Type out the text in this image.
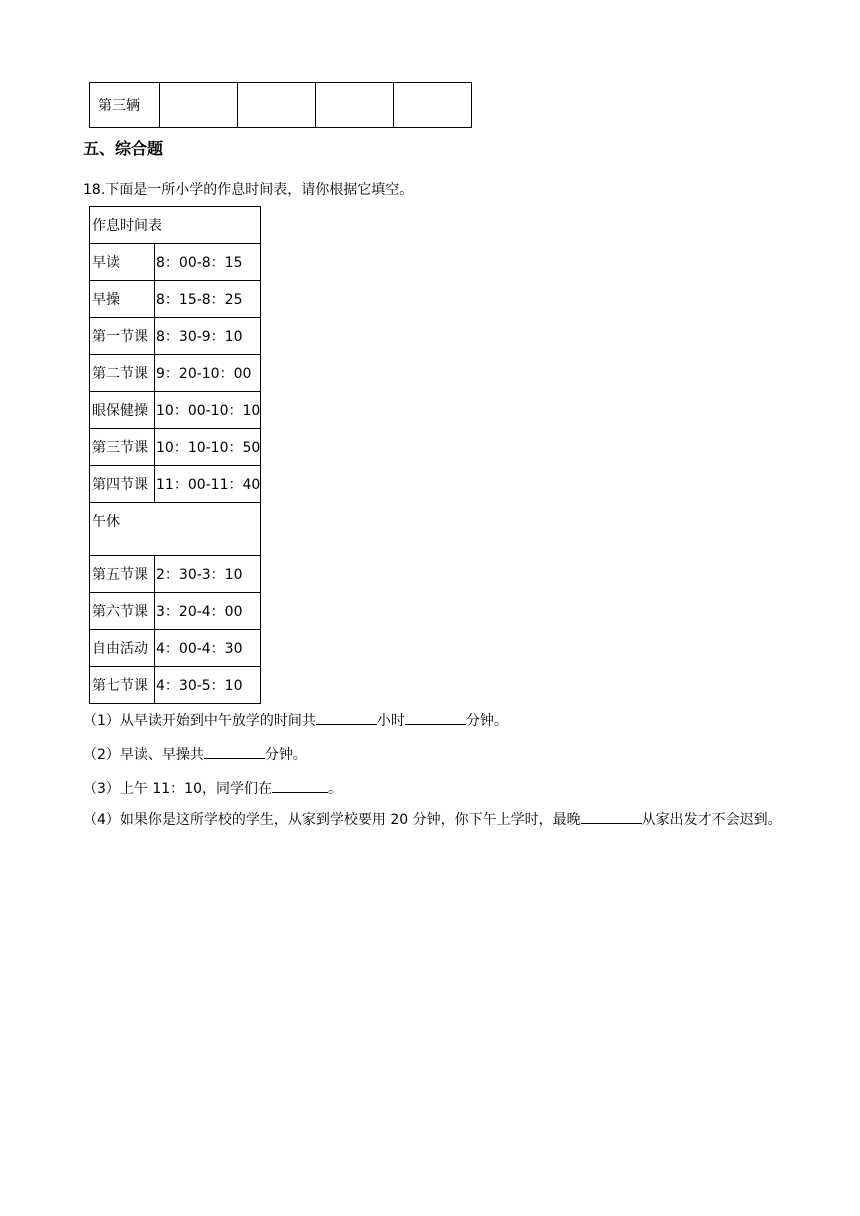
第三辆				
五、综合题

18.下面是一所小学的作息时间表，请你根据它填空。

作息时间表	
早读	8：00-8：15
早操	8：15-8：25
第一节课	8：30-9：10
第二节课	9：20-10：00
眼保健操	10：00-10：10
第三节课	10：10-10：50
第四节课	11：00-11：40
午休	
第五节课	2：30-3：10
第六节课	3：20-4：00
自由活动	4：00-4：30
第七节课	4：30-5：10

（1）从早读开始到中午放学的时间共	小时	分钟。

（2）早读、早操共	分钟。

（3）上午 11：10，同学们在	。

（4）如果你是这所学校的学生，从家到学校要用 20 分钟，你下午上学时，最晚	从家出发才不会迟到。
